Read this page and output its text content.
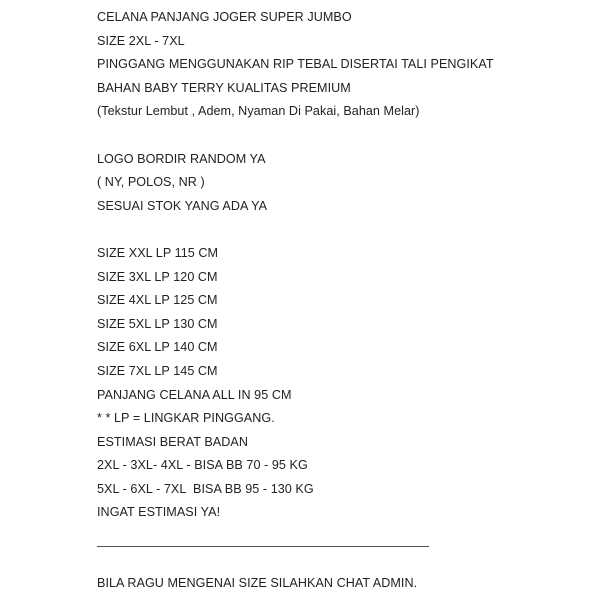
CELANA PANJANG JOGER SUPER JUMBO
SIZE 2XL - 7XL
PINGGANG MENGGUNAKAN RIP TEBAL DISERTAI TALI PENGIKAT
BAHAN BABY TERRY KUALITAS PREMIUM
(Tekstur Lembut , Adem, Nyaman Di Pakai, Bahan Melar)
LOGO BORDIR RANDOM YA
( NY, POLOS, NR )
SESUAI STOK YANG ADA YA
SIZE XXL LP 115 CM
SIZE 3XL LP 120 CM
SIZE 4XL LP 125 CM
SIZE 5XL LP 130 CM
SIZE 6XL LP 140 CM
SIZE 7XL LP 145 CM
PANJANG CELANA ALL IN 95 CM
* * LP = LINGKAR PINGGANG.
ESTIMASI BERAT BADAN
2XL - 3XL- 4XL - BISA BB 70 - 95 KG
5XL - 6XL - 7XL  BISA BB 95 - 130 KG
INGAT ESTIMASI YA!
BILA RAGU MENGENAI SIZE SILAHKAN CHAT ADMIN.
